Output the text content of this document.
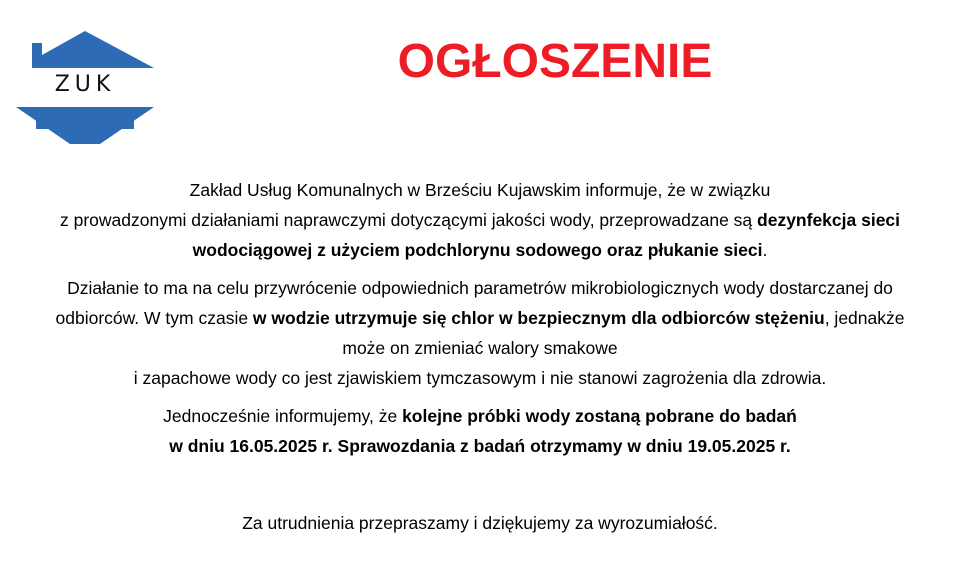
ZUK	OGŁOSZENIE

Zakład Usług Komunalnych w Brześciu Kujawskim informuje, że w związku
z prowadzonymi działaniami naprawczymi dotyczącymi jakości wody, przeprowadzane są dezynfekcja sieci
wodociągowej z użyciem podchlorynu sodowego oraz płukanie sieci.

Działanie to ma na celu przywrócenie odpowiednich parametrów mikrobiologicznych wody dostarczanej do
odbiorców. W tym czasie w wodzie utrzymuje się chlor w bezpiecznym dla odbiorców stężeniu, jednakże
może on zmieniać walory smakowe
i zapachowe wody co jest zjawiskiem tymczasowym i nie stanowi zagrożenia dla zdrowia.

Jednocześnie informujemy, że kolejne próbki wody zostaną pobrane do badań
w dniu 16.05.2025 r. Sprawozdania z badań otrzymamy w dniu 19.05.2025 r.

Za utrudnienia przepraszamy i dziękujemy za wyrozumiałość.
